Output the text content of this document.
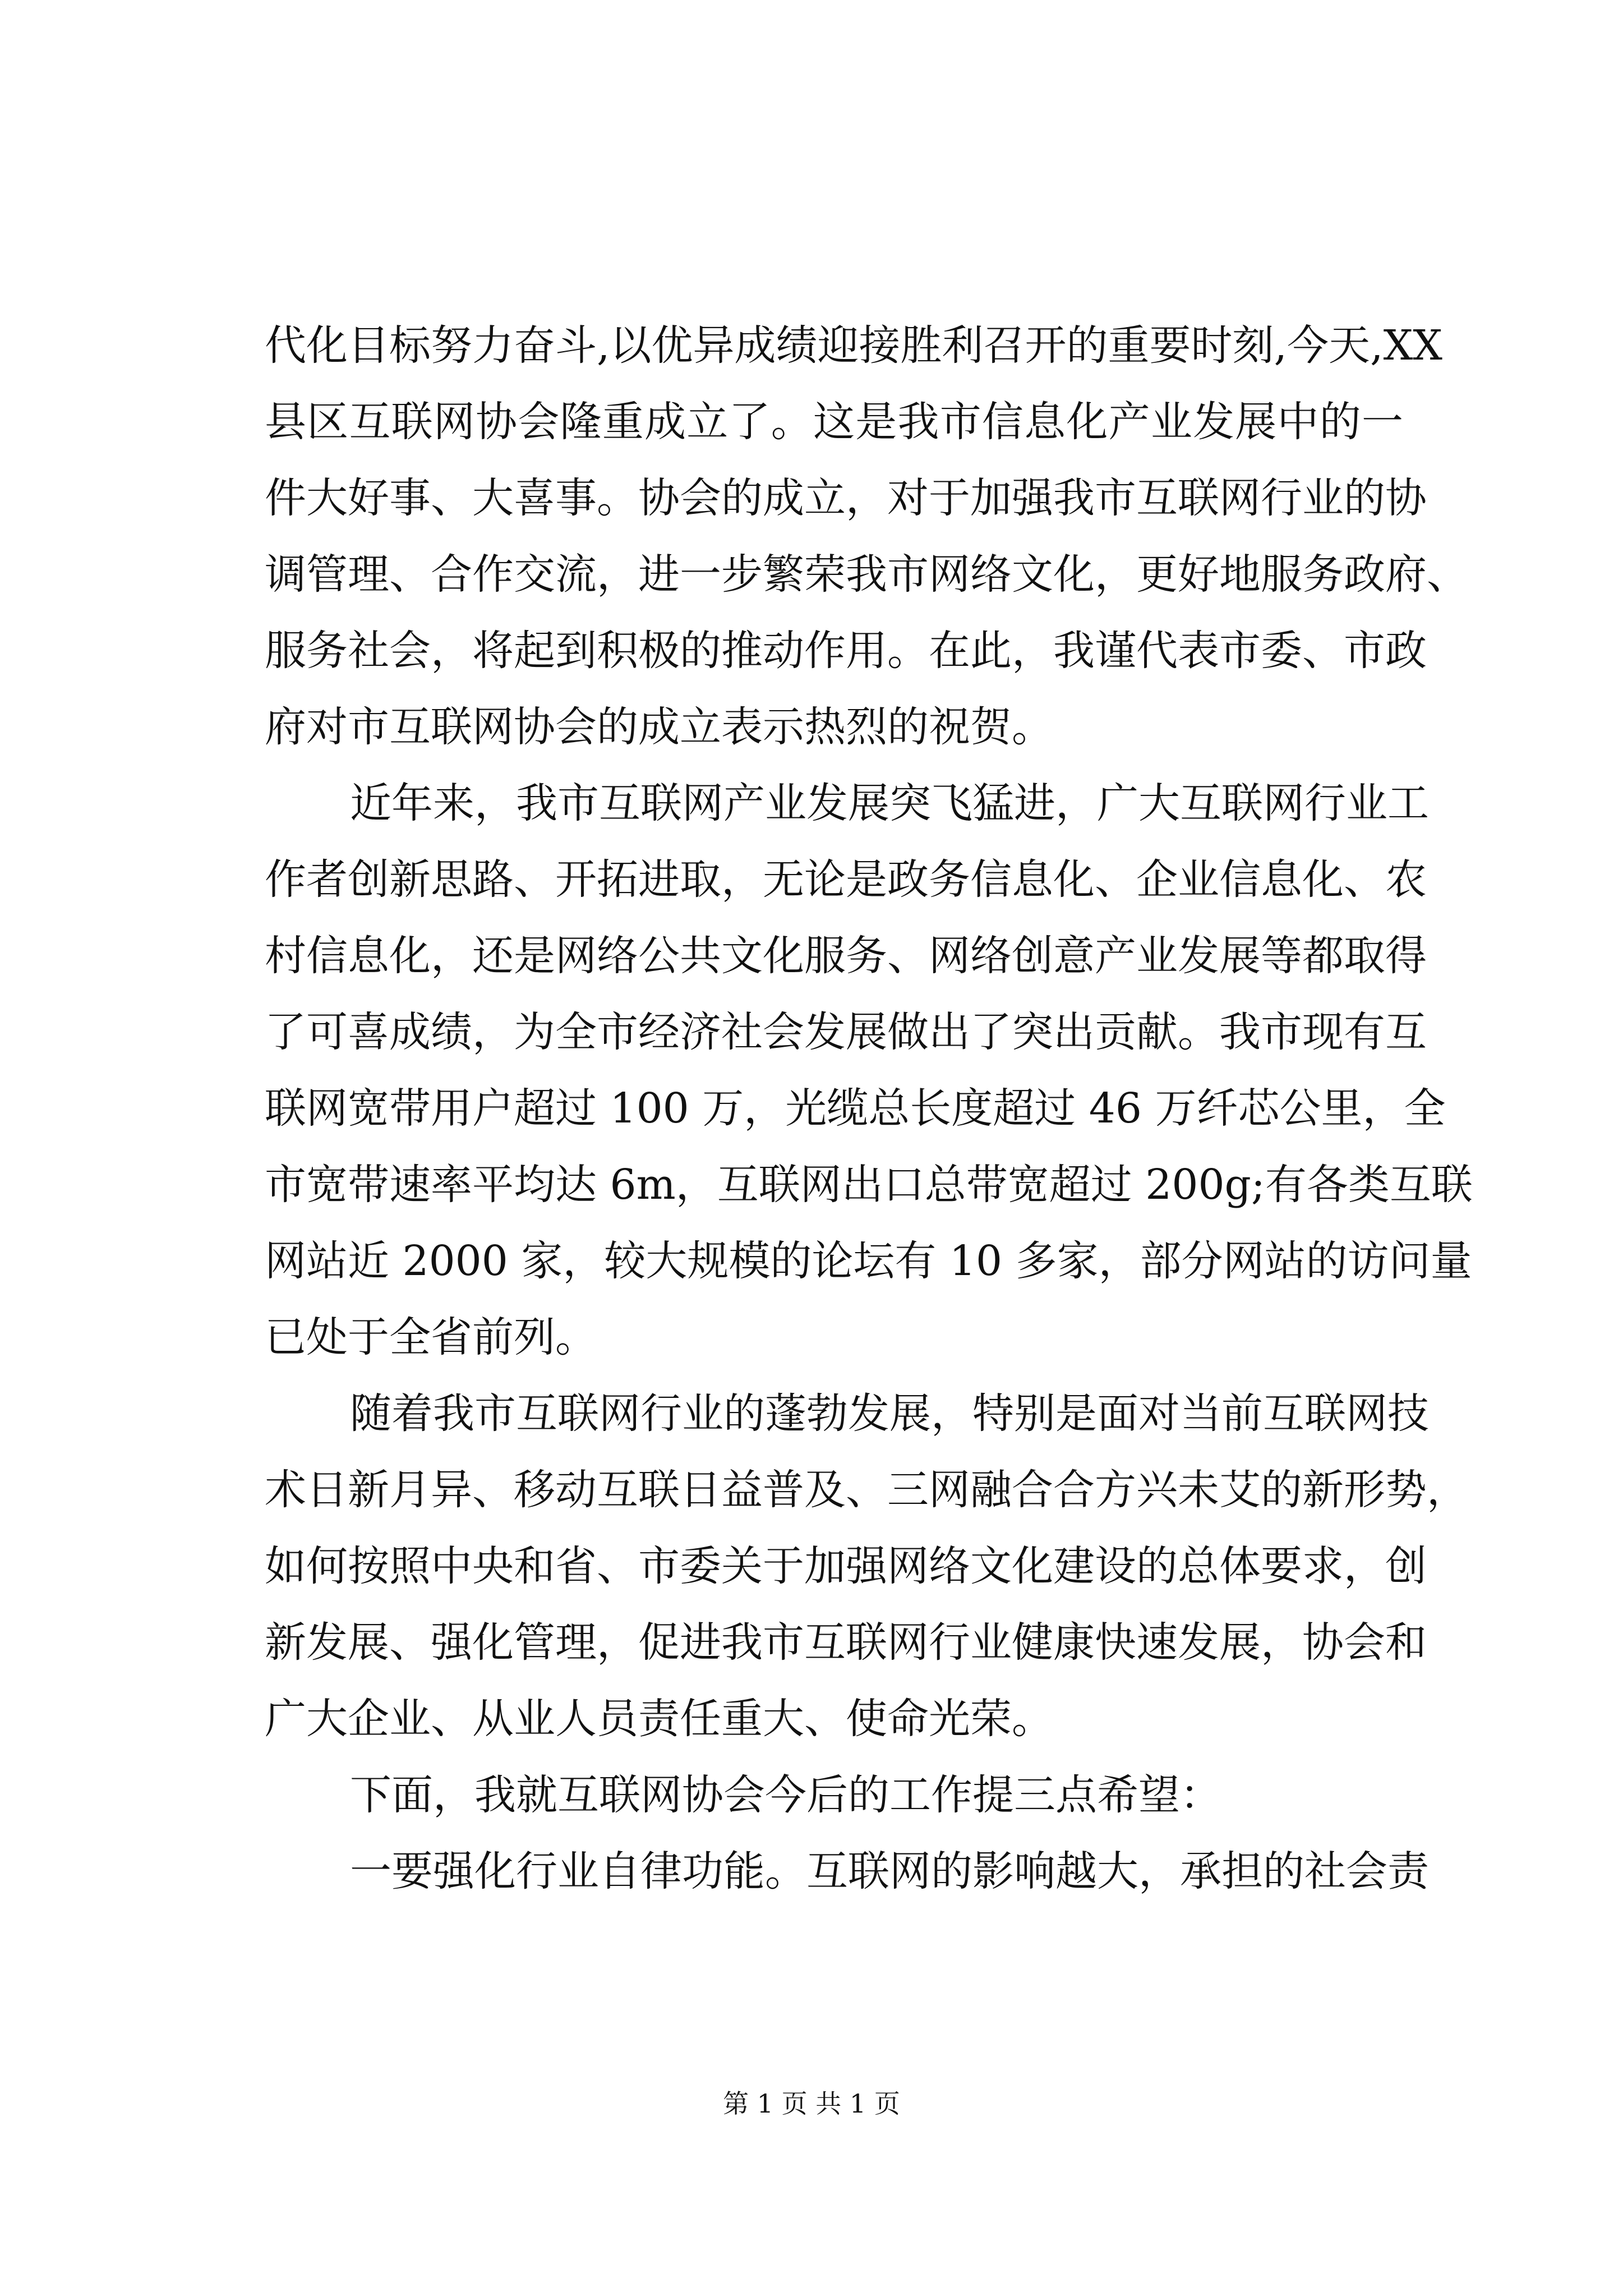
代化目标努力奋斗,以优异成绩迎接胜利召开的重要时刻,今天,XX
县区互联网协会隆重成立了。这是我市信息化产业发展中的一
件大好事、大喜事。协会的成立，对于加强我市互联网行业的协
调管理、合作交流，进一步繁荣我市网络文化，更好地服务政府、
服务社会，将起到积极的推动作用。在此，我谨代表市委、市政
府对市互联网协会的成立表示热烈的祝贺。
近年来，我市互联网产业发展突飞猛进，广大互联网行业工
作者创新思路、开拓进取，无论是政务信息化、企业信息化、农
村信息化，还是网络公共文化服务、网络创意产业发展等都取得
了可喜成绩，为全市经济社会发展做出了突出贡献。我市现有互
联网宽带用户超过 100 万，光缆总长度超过 46 万纤芯公里，全
市宽带速率平均达 6m，互联网出口总带宽超过 200g;有各类互联
网站近 2000 家，较大规模的论坛有 10 多家，部分网站的访问量
已处于全省前列。
随着我市互联网行业的蓬勃发展，特别是面对当前互联网技
术日新月异、移动互联日益普及、三网融合合方兴未艾的新形势，
如何按照中央和省、市委关于加强网络文化建设的总体要求，创
新发展、强化管理，促进我市互联网行业健康快速发展，协会和
广大企业、从业人员责任重大、使命光荣。
下面，我就互联网协会今后的工作提三点希望：
一要强化行业自律功能。互联网的影响越大，承担的社会责
第 1 页 共 1 页
